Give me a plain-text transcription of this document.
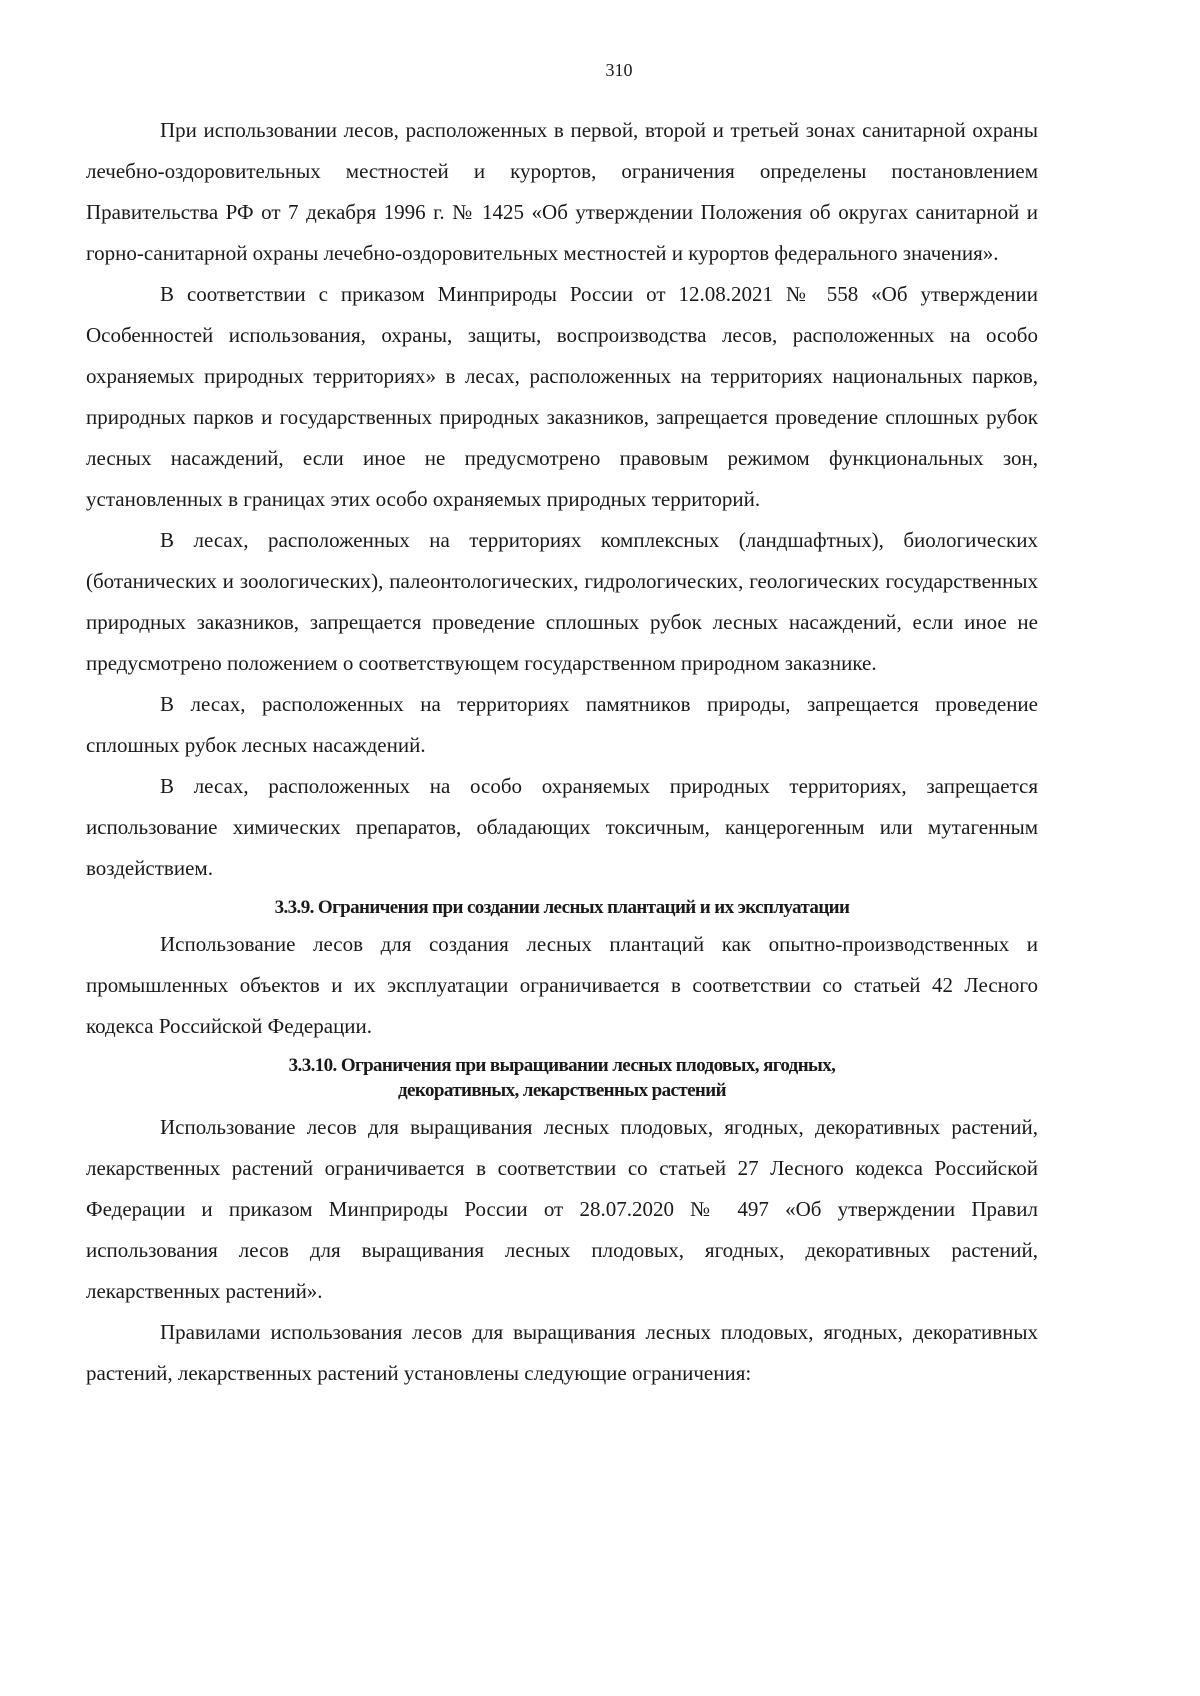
310

При использовании лесов, расположенных в первой, второй и третьей зонах санитарной охраны лечебно-оздоровительных местностей и курортов, ограничения определены постановлением Правительства РФ от 7 декабря 1996 г. № 1425 «Об утверждении Положения об округах санитарной и горно-санитарной охраны лечебно-оздоровительных местностей и курортов федерального значения».

В соответствии с приказом Минприроды России от 12.08.2021 № 558 «Об утверждении Особенностей использования, охраны, защиты, воспроизводства лесов, расположенных на особо охраняемых природных территориях» в лесах, расположенных на территориях национальных парков, природных парков и государственных природных заказников, запрещается проведение сплошных рубок лесных насаждений, если иное не предусмотрено правовым режимом функциональных зон, установленных в границах этих особо охраняемых природных территорий.

В лесах, расположенных на территориях комплексных (ландшафтных), биологических (ботанических и зоологических), палеонтологических, гидрологических, геологических государственных природных заказников, запрещается проведение сплошных рубок лесных насаждений, если иное не предусмотрено положением о соответствующем государственном природном заказнике.

В лесах, расположенных на территориях памятников природы, запрещается проведение сплошных рубок лесных насаждений.

В лесах, расположенных на особо охраняемых природных территориях, запрещается использование химических препаратов, обладающих токсичным, канцерогенным или мутагенным воздействием.

3.3.9. Ограничения при создании лесных плантаций и их эксплуатации

Использование лесов для создания лесных плантаций как опытно-производственных и промышленных объектов и их эксплуатации ограничивается в соответствии со статьей 42 Лесного кодекса Российской Федерации.

3.3.10. Ограничения при выращивании лесных плодовых, ягодных,
декоративных, лекарственных растений

Использование лесов для выращивания лесных плодовых, ягодных, декоративных растений, лекарственных растений ограничивается в соответствии со статьей 27 Лесного кодекса Российской Федерации и приказом Минприроды России от 28.07.2020 № 497 «Об утверждении Правил использования лесов для выращивания лесных плодовых, ягодных, декоративных растений, лекарственных растений».

Правилами использования лесов для выращивания лесных плодовых, ягодных, декоративных растений, лекарственных растений установлены следующие ограничения:
